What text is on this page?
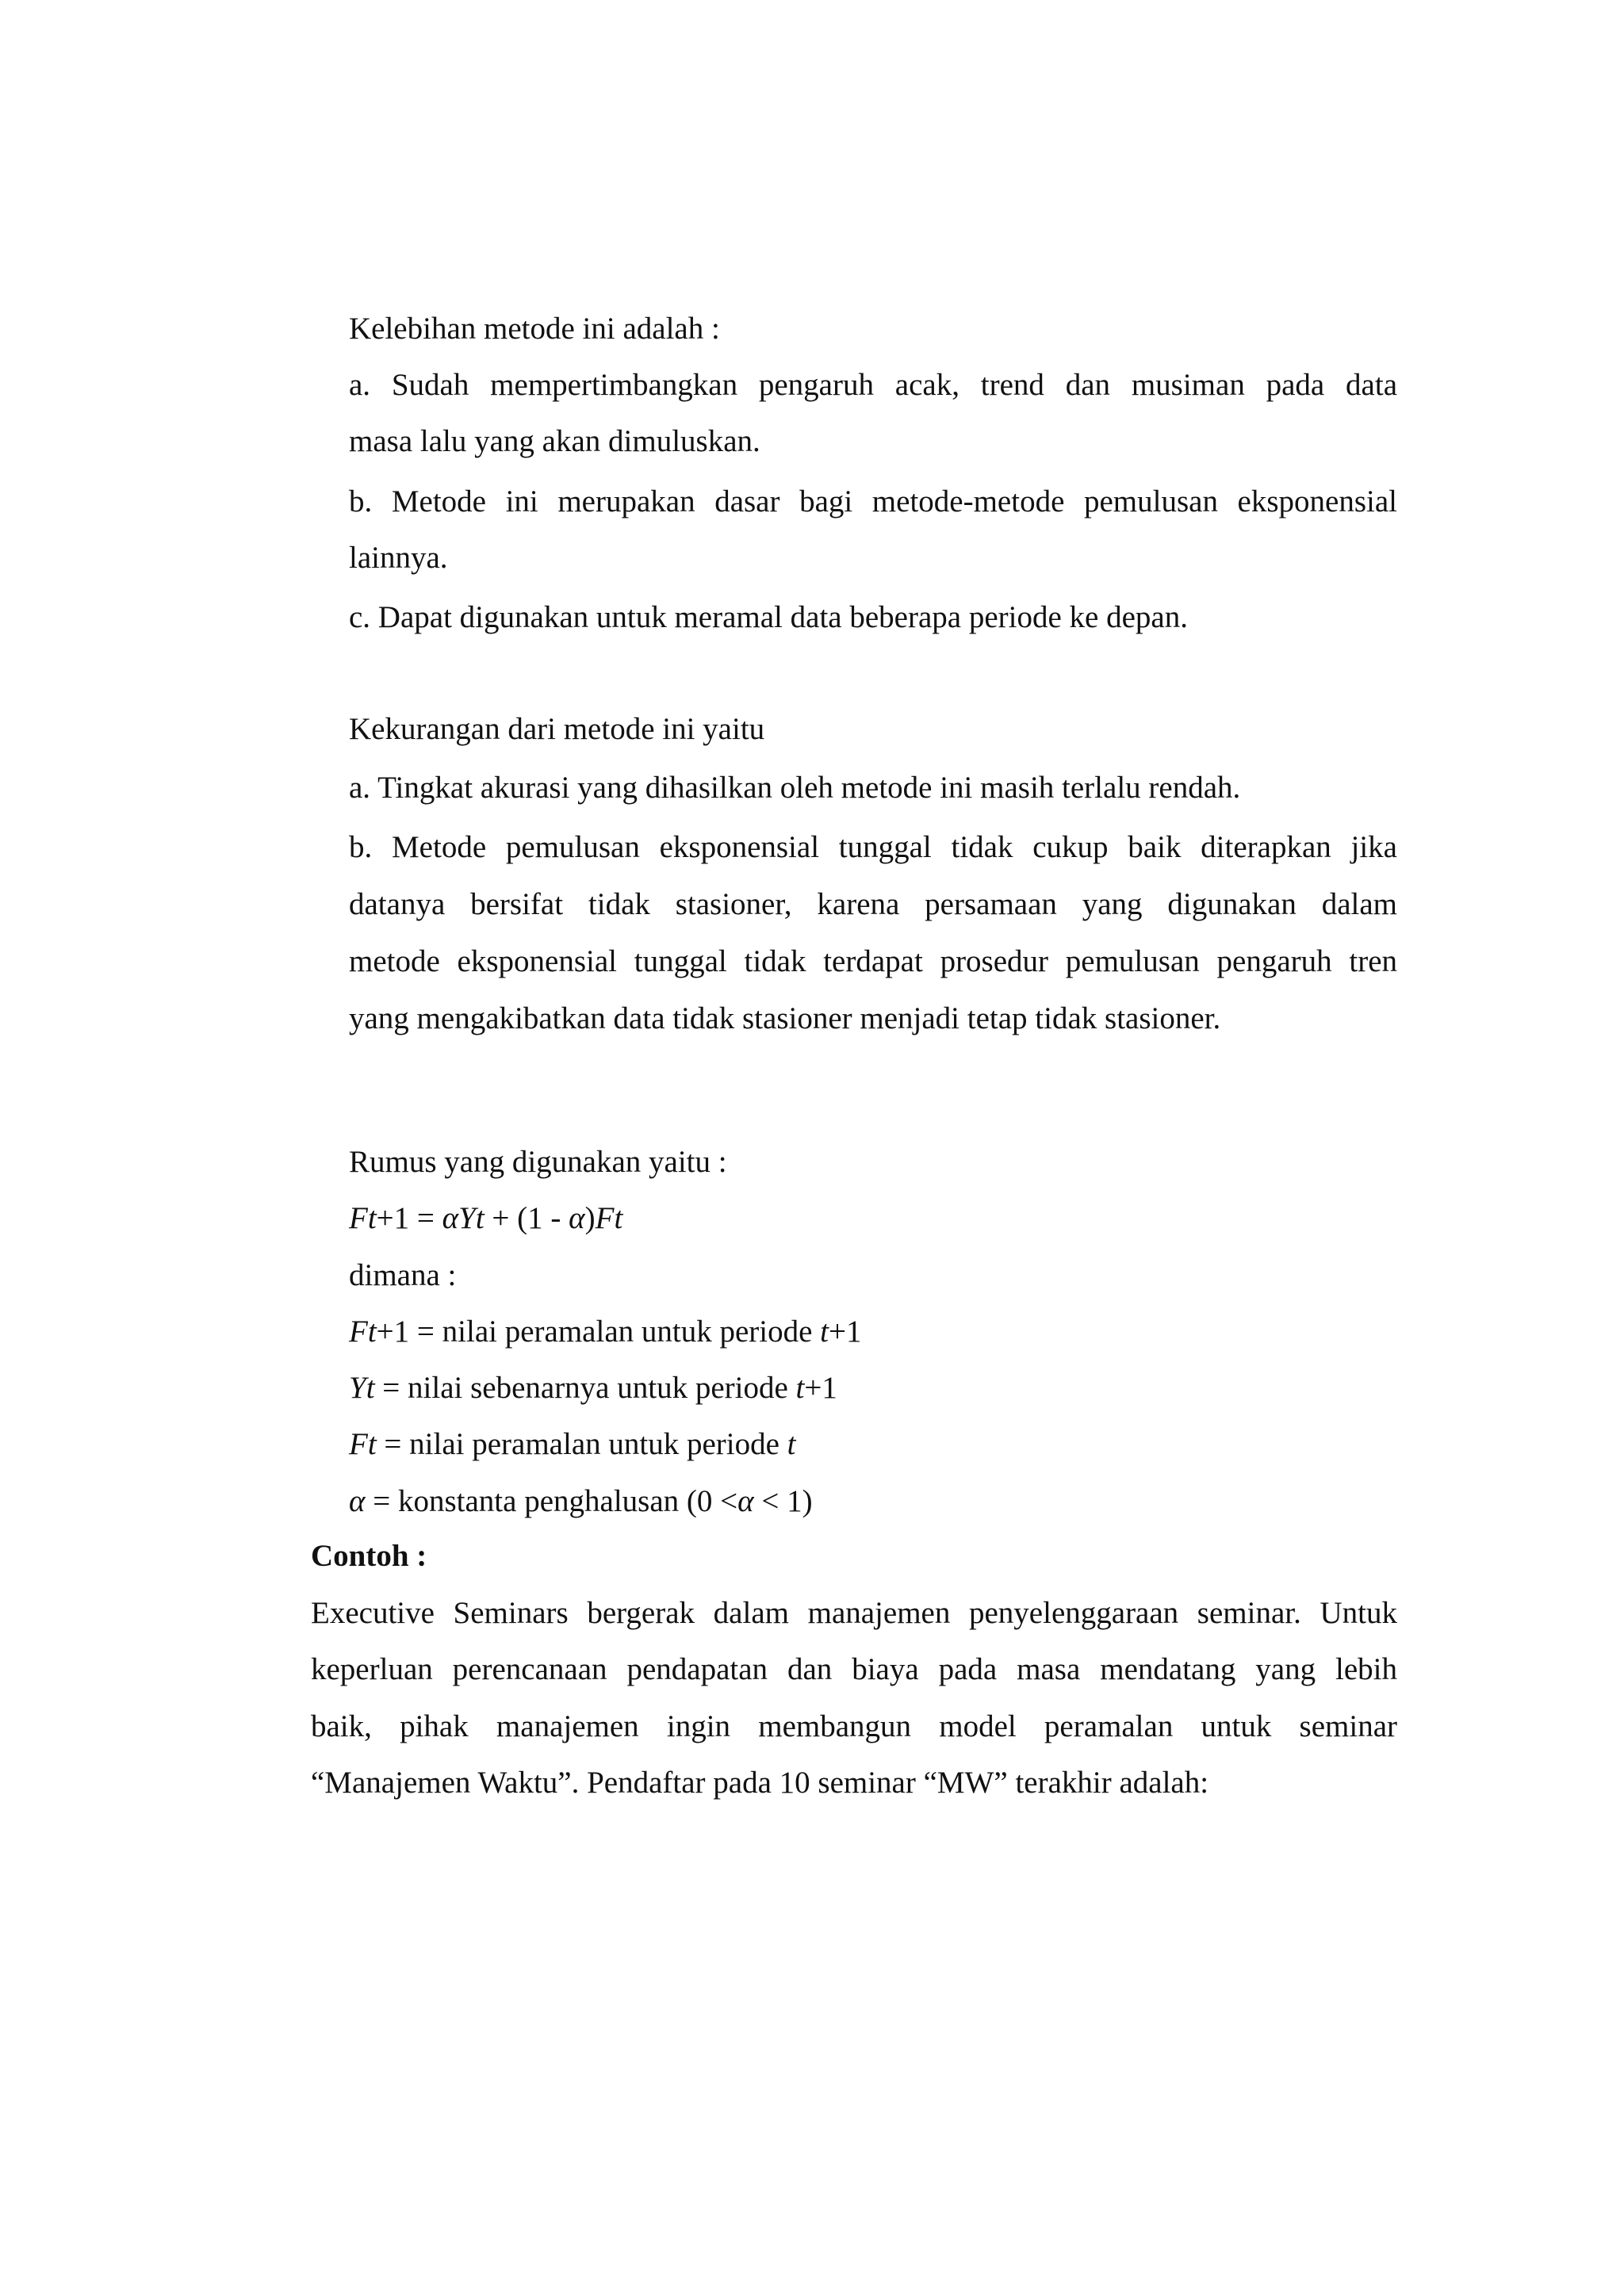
Kelebihan metode ini adalah :
a. Sudah mempertimbangkan pengaruh acak, trend dan musiman pada data
masa lalu yang akan dimuluskan.
b. Metode ini merupakan dasar bagi metode-metode pemulusan eksponensial
lainnya.
c. Dapat digunakan untuk meramal data beberapa periode ke depan.
Kekurangan dari metode ini yaitu
a. Tingkat akurasi yang dihasilkan oleh metode ini masih terlalu rendah.
b. Metode pemulusan eksponensial tunggal tidak cukup baik diterapkan jika
datanya bersifat tidak stasioner, karena persamaan yang digunakan dalam
metode eksponensial tunggal tidak terdapat prosedur pemulusan pengaruh tren
yang mengakibatkan data tidak stasioner menjadi tetap tidak stasioner.
Rumus yang digunakan yaitu :
Ft+1 = αYt + (1 - α)Ft
dimana :
Ft+1 = nilai peramalan untuk periode t+1
Yt = nilai sebenarnya untuk periode t+1
Ft = nilai peramalan untuk periode t
α = konstanta penghalusan (0 <α < 1)
Contoh :
Executive Seminars bergerak dalam manajemen penyelenggaraan seminar. Untuk
keperluan perencanaan pendapatan dan biaya pada masa mendatang yang lebih
baik, pihak manajemen ingin membangun model peramalan untuk seminar
“Manajemen Waktu”. Pendaftar pada 10 seminar “MW” terakhir adalah:
